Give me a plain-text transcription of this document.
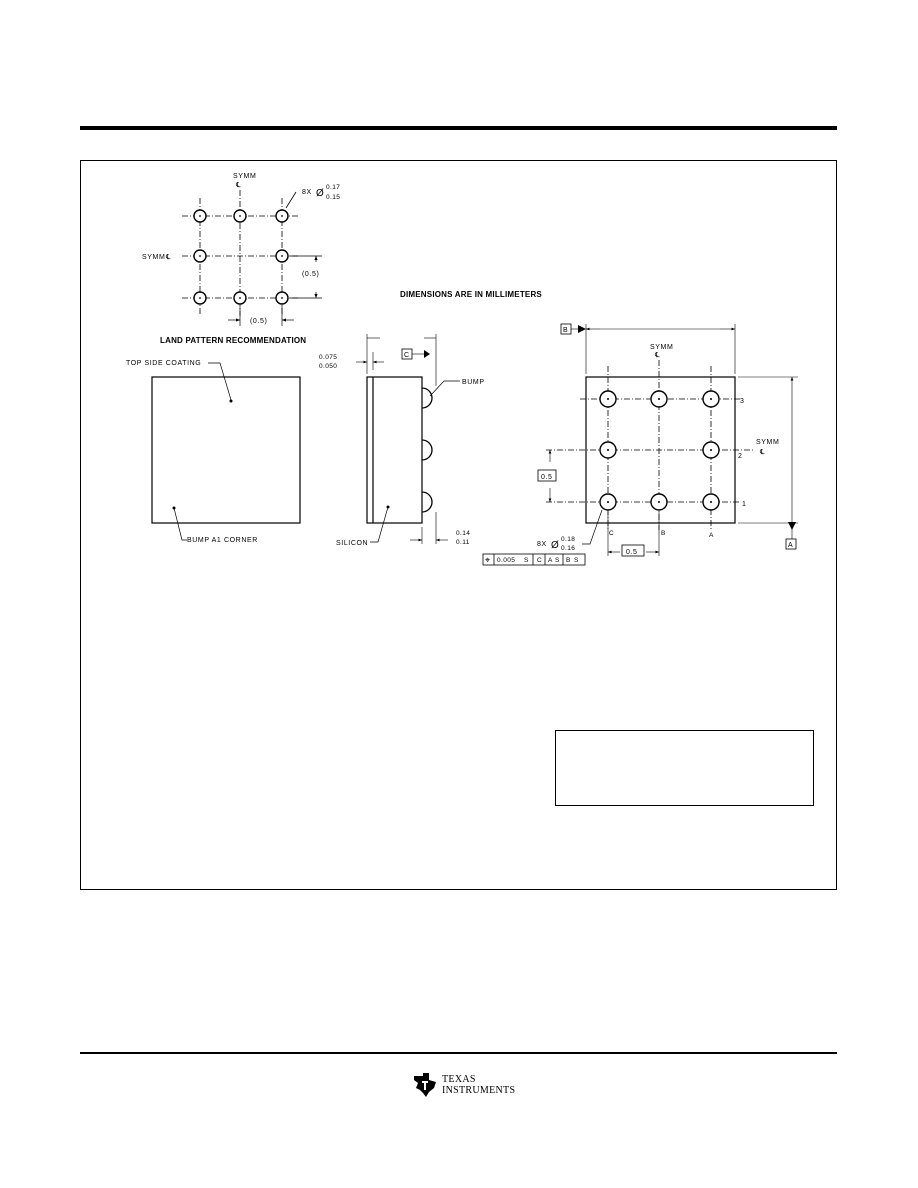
SYMM
℄
SYMM ℄
8X Ø
0.17
0.15
(0.5)
(0.5)
LAND PATTERN RECOMMENDATION
DIMENSIONS ARE IN MILLIMETERS
TOP SIDE COATING
BUMP A1 CORNER
0.075
0.050
C
BUMP
SILICON
0.14
0.11
B
A
SYMM
℄
SYMM
℄
3
2
1
C	B	A
0.5
0.5
8X Ø
0.18
0.16
⌖ 0.005 S C A S B S
TEXAS
INSTRUMENTS
